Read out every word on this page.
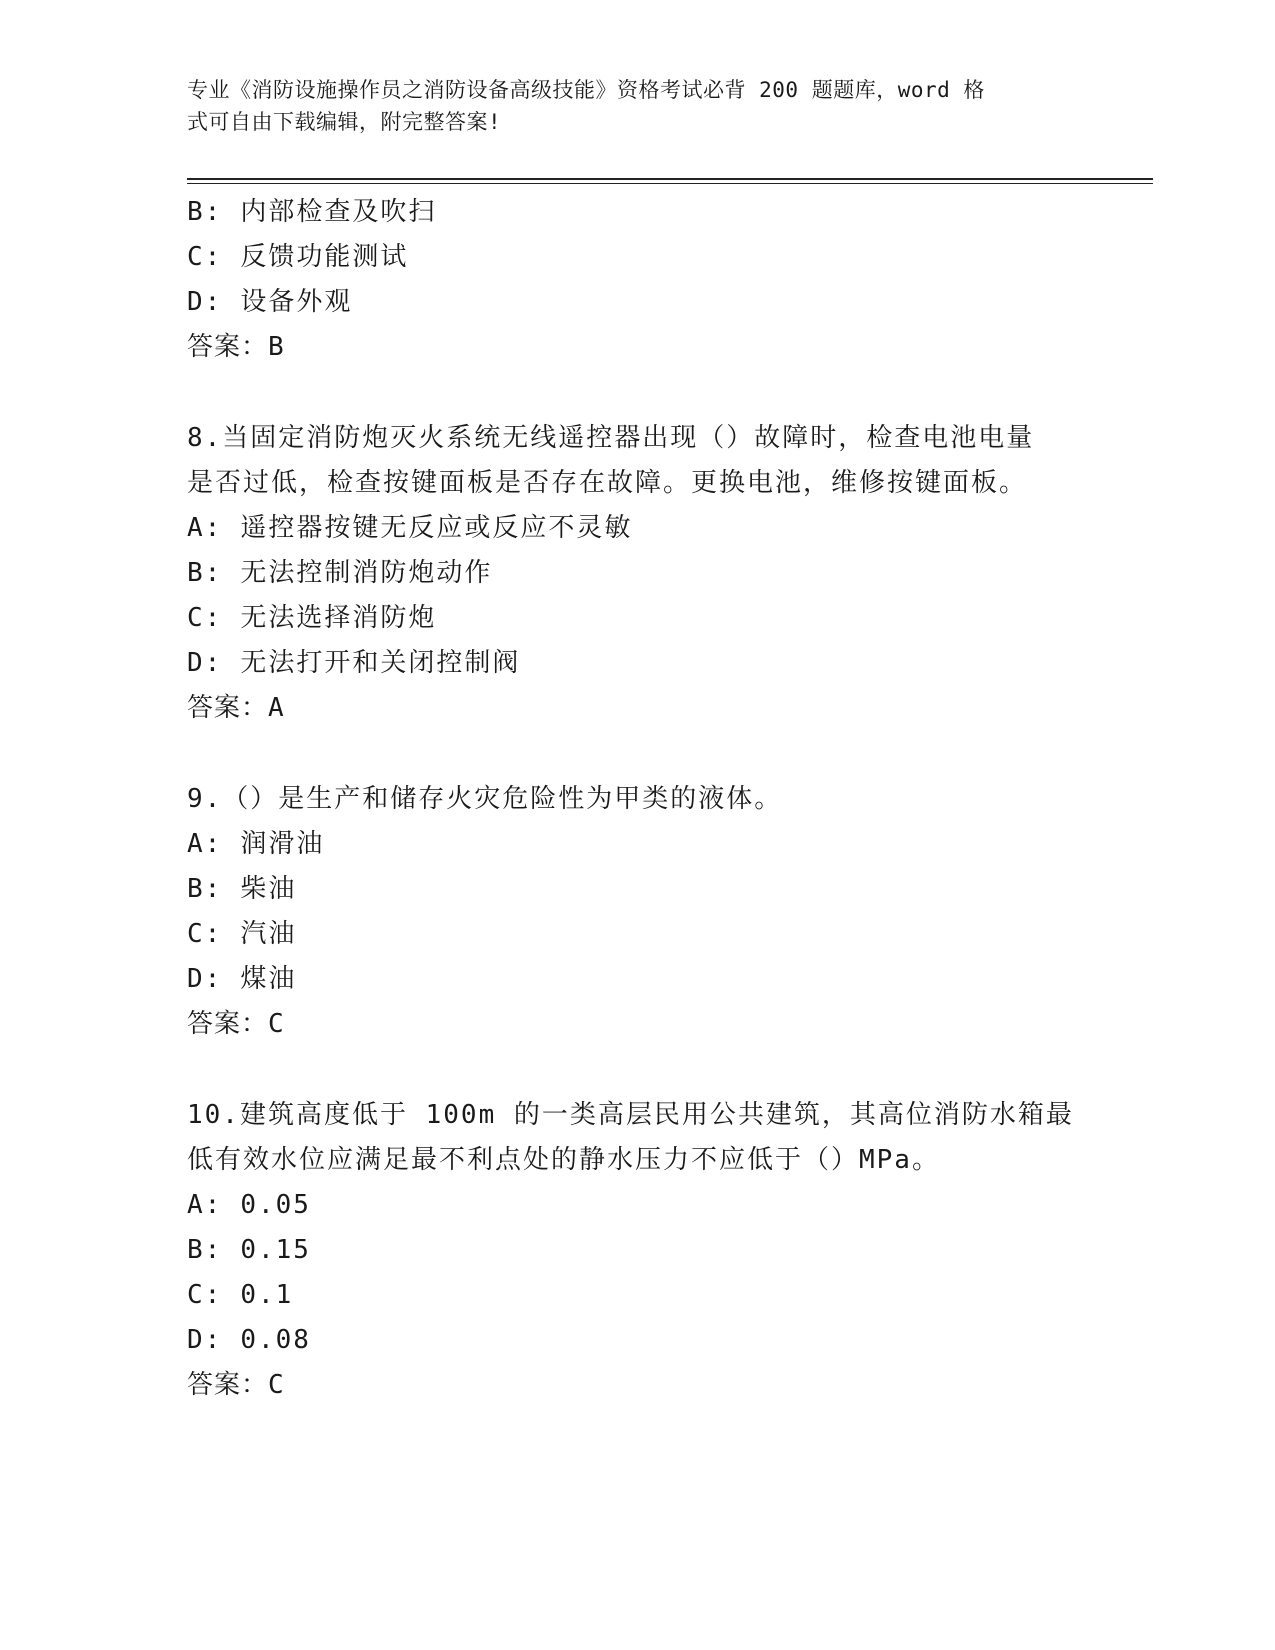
专业《消防设施操作员之消防设备高级技能》资格考试必背 200 题题库，word 格
式可自由下载编辑，附完整答案!
B: 内部检查及吹扫
C: 反馈功能测试
D: 设备外观
答案：B
8.当固定消防炮灭火系统无线遥控器出现（）故障时，检查电池电量
是否过低，检查按键面板是否存在故障。更换电池，维修按键面板。
A: 遥控器按键无反应或反应不灵敏
B: 无法控制消防炮动作
C: 无法选择消防炮
D: 无法打开和关闭控制阀
答案：A
9.（）是生产和储存火灾危险性为甲类的液体。
A: 润滑油
B: 柴油
C: 汽油
D: 煤油
答案：C
10.建筑高度低于 100m 的一类高层民用公共建筑，其高位消防水箱最
低有效水位应满足最不利点处的静水压力不应低于（）MPa。
A: 0.05
B: 0.15
C: 0.1
D: 0.08
答案：C
